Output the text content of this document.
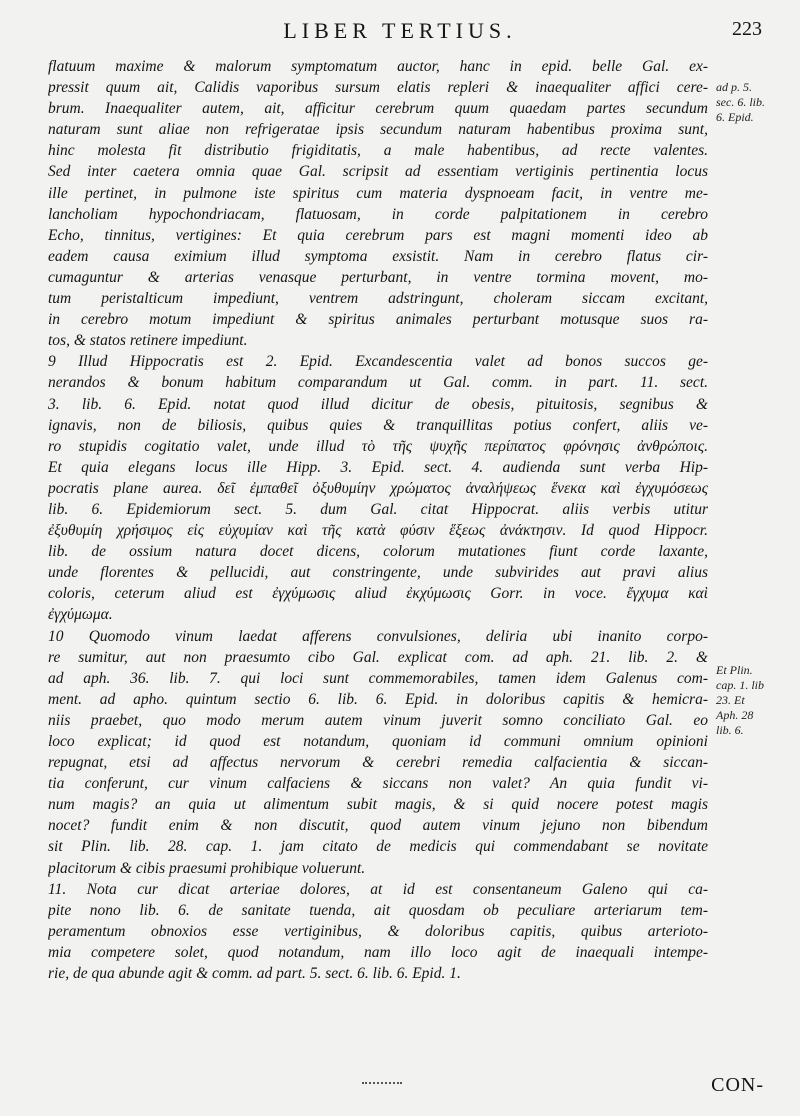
LIBER TERTIUS.	223
flatuum maxime & malorum symptomatum auctor, hanc in epid. belle Gal. ex-
pressit quum ait, Calidis vaporibus sursum elatis repleri & inaequaliter affici cere-
brum. Inaequaliter autem, ait, afficitur cerebrum quum quaedam partes secundum
naturam sunt aliae non refrigeratae ipsis secundum naturam habentibus proxima sunt,
hinc molesta fit distributio frigiditatis, a male habentibus, ad recte valentes.
Sed inter caetera omnia quae Gal. scripsit ad essentiam vertiginis pertinentia locus
ille pertinet, in pulmone iste spiritus cum materia dyspnoeam facit, in ventre me-
lancholiam hypochondriacam, flatuosam, in corde palpitationem in cerebro
Echo, tinnitus, vertigines: Et quia cerebrum pars est magni momenti ideo ab
eadem causa eximium illud symptoma exsistit. Nam in cerebro flatus cir-
cumaguntur & arterias venasque perturbant, in ventre tormina movent, mo-
tum peristalticum impediunt, ventrem adstringunt, choleram siccam excitant,
in cerebro motum impediunt & spiritus animales perturbant motusque suos ra-
tos, & statos retinere impediunt.
9 Illud Hippocratis est 2. Epid. Excandescentia valet ad bonos succos ge-
nerandos & bonum habitum comparandum ut Gal. comm. in part. 11. sect.
3. lib. 6. Epid. notat quod illud dicitur de obesis, pituitosis, segnibus &
ignavis, non de biliosis, quibus quies & tranquillitas potius confert, aliis ve-
ro stupidis cogitatio valet, unde illud τὸ τῆς ψυχῆς περίπατος φρόνησις ἀνθρώποις.
Et quia elegans locus ille Hipp. 3. Epid. sect. 4. audienda sunt verba Hip-
pocratis plane aurea. δεῖ ἐμπαθεῖ ὀξυθυμίην χρώματος ἀναλήψεως ἕνεκα καὶ ἐγχυμόσεως
lib. 6. Epidemiorum sect. 5. dum Gal. citat Hippocrat. aliis verbis utitur
ἐξυθυμίη χρήσιμος εἰς εὐχυμίαν καὶ τῆς κατὰ φύσιν ἕξεως ἀνάκτησιν. Id quod Hippocr.
lib. de ossium natura docet dicens, colorum mutationes fiunt corde laxante,
unde florentes & pellucidi, aut constringente, unde subvirides aut pravi alius
coloris, ceterum aliud est ἐγχύμωσις aliud ἐκχύμωσις Gorr. in voce. ἔγχυμα καὶ
ἐγχύμωμα.
10 Quomodo vinum laedat afferens convulsiones, deliria ubi inanito corpo-
re sumitur, aut non praesumto cibo Gal. explicat com. ad aph. 21. lib. 2. &
ad aph. 36. lib. 7. qui loci sunt commemorabiles, tamen idem Galenus com-
ment. ad apho. quintum sectio 6. lib. 6. Epid. in doloribus capitis & hemicra-
niis praebet, quo modo merum autem vinum juverit somno conciliato Gal. eo
loco explicat; id quod est notandum, quoniam id communi omnium opinioni
repugnat, etsi ad affectus nervorum & cerebri remedia calfacientia & siccan-
tia conferunt, cur vinum calfaciens & siccans non valet? An quia fundit vi-
num magis? an quia ut alimentum subit magis, & si quid nocere potest magis
nocet? fundit enim & non discutit, quod autem vinum jejuno non bibendum
sit Plin. lib. 28. cap. 1. jam citato de medicis qui commendabant se novitate
placitorum & cibis praesumi prohibique voluerunt.
11. Nota cur dicat arteriae dolores, at id est consentaneum Galeno qui ca-
pite nono lib. 6. de sanitate tuenda, ait quosdam ob peculiare arteriarum tem-
peramentum obnoxios esse vertiginibus, & doloribus capitis, quibus arterioto-
mia competere solet, quod notandum, nam illo loco agit de inaequali intempe-
rie, de qua abunde agit & comm. ad part. 5. sect. 6. lib. 6. Epid. 1.
ad p. 5.
sec. 6. lib.
6. Epid.
Et Plin.
cap. 1. lib
23. Et
Aph. 28
lib. 6.
CON-
